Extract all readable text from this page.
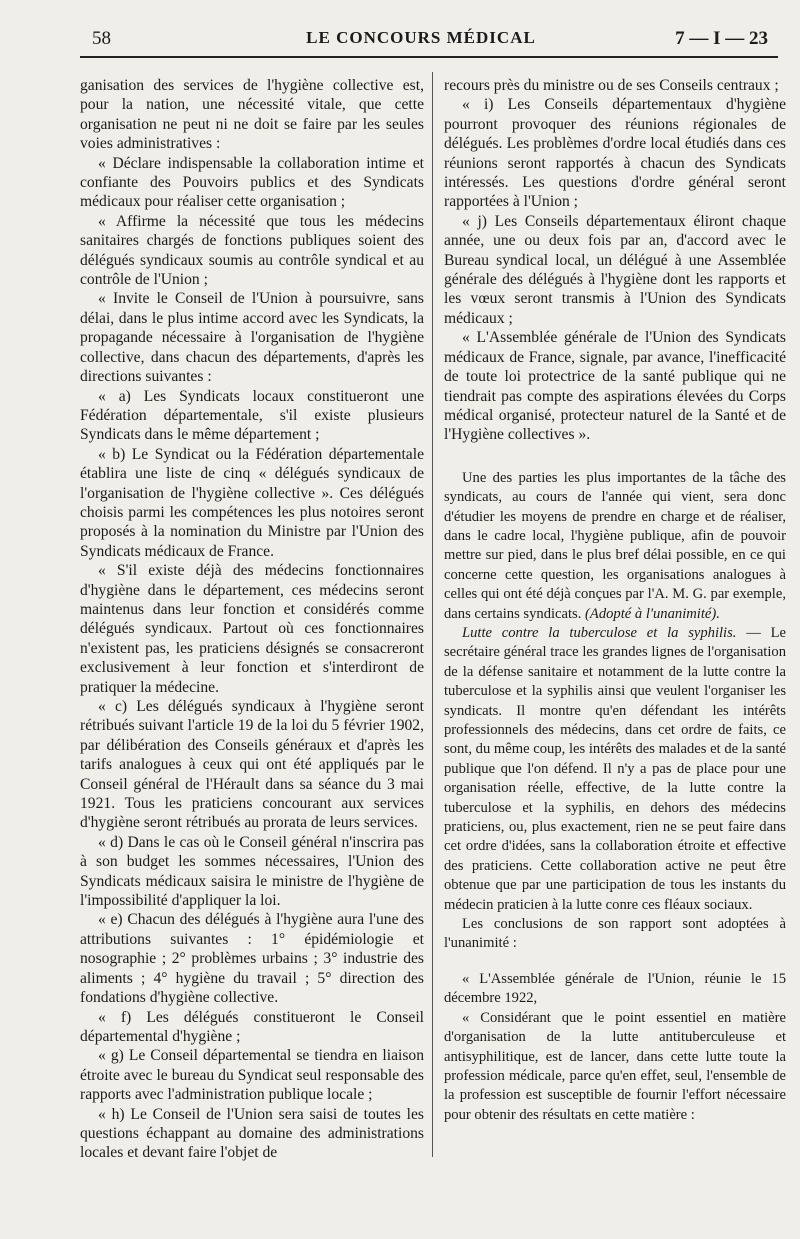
58	LE CONCOURS MÉDICAL	7 — I — 23

ganisation des services de l'hygiène collective est, pour la nation, une nécessité vitale, que cette organisation ne peut ni ne doit se faire par les seules voies administratives :

« Déclare indispensable la collaboration intime et confiante des Pouvoirs publics et des Syndicats médicaux pour réaliser cette organisation ;

« Affirme la nécessité que tous les médecins sanitaires chargés de fonctions publiques soient des délégués syndicaux soumis au contrôle syndical et au contrôle de l'Union ;

« Invite le Conseil de l'Union à poursuivre, sans délai, dans le plus intime accord avec les Syndicats, la propagande nécessaire à l'organisation de l'hygiène collective, dans chacun des départements, d'après les directions suivantes :

« a) Les Syndicats locaux constitueront une Fédération départementale, s'il existe plusieurs Syndicats dans le même département ;

« b) Le Syndicat ou la Fédération départementale établira une liste de cinq « délégués syndicaux de l'organisation de l'hygiène collective ». Ces délégués choisis parmi les compétences les plus notoires seront proposés à la nomination du Ministre par l'Union des Syndicats médicaux de France.

« S'il existe déjà des médecins fonctionnaires d'hygiène dans le département, ces médecins seront maintenus dans leur fonction et considérés comme délégués syndicaux. Partout où ces fonctionnaires n'existent pas, les praticiens désignés se consacreront exclusivement à leur fonction et s'interdiront de pratiquer la médecine.

« c) Les délégués syndicaux à l'hygiène seront rétribués suivant l'article 19 de la loi du 5 février 1902, par délibération des Conseils généraux et d'après les tarifs analogues à ceux qui ont été appliqués par le Conseil général de l'Hérault dans sa séance du 3 mai 1921. Tous les praticiens concourant aux services d'hygiène seront rétribués au prorata de leurs services.

« d) Dans le cas où le Conseil général n'inscrira pas à son budget les sommes nécessaires, l'Union des Syndicats médicaux saisira le ministre de l'hygiène de l'impossibilité d'appliquer la loi.

« e) Chacun des délégués à l'hygiène aura l'une des attributions suivantes : 1° épidémiologie et nosographie ; 2° problèmes urbains ; 3° industrie des aliments ; 4° hygiène du travail ; 5° direction des fondations d'hygiène collective.

« f) Les délégués constitueront le Conseil départemental d'hygiène ;

« g) Le Conseil départemental se tiendra en liaison étroite avec le bureau du Syndicat seul responsable des rapports avec l'administration publique locale ;

« h) Le Conseil de l'Union sera saisi de toutes les questions échappant au domaine des administrations locales et devant faire l'objet de

recours près du ministre ou de ses Conseils centraux ;

« i) Les Conseils départementaux d'hygiène pourront provoquer des réunions régionales de délégués. Les problèmes d'ordre local étudiés dans ces réunions seront rapportés à chacun des Syndicats intéressés. Les questions d'ordre général seront rapportées à l'Union ;

« j) Les Conseils départementaux éliront chaque année, une ou deux fois par an, d'accord avec le Bureau syndical local, un délégué à une Assemblée générale des délégués à l'hygiène dont les rapports et les vœux seront transmis à l'Union des Syndicats médicaux ;

« L'Assemblée générale de l'Union des Syndicats médicaux de France, signale, par avance, l'inefficacité de toute loi protectrice de la santé publique qui ne tiendrait pas compte des aspirations élevées du Corps médical organisé, protecteur naturel de la Santé et de l'Hygiène collectives ».

Une des parties les plus importantes de la tâche des syndicats, au cours de l'année qui vient, sera donc d'étudier les moyens de prendre en charge et de réaliser, dans le cadre local, l'hygiène publique, afin de pouvoir mettre sur pied, dans le plus bref délai possible, en ce qui concerne cette question, les organisations analogues à celles qui ont été déjà conçues par l'A. M. G. par exemple, dans certains syndicats. (Adopté à l'unanimité).

Lutte contre la tuberculose et la syphilis. — Le secrétaire général trace les grandes lignes de l'organisation de la défense sanitaire et notamment de la lutte contre la tuberculose et la syphilis ainsi que veulent l'organiser les syndicats. Il montre qu'en défendant les intérêts professionnels des médecins, dans cet ordre de faits, ce sont, du même coup, les intérêts des malades et de la santé publique que l'on défend. Il n'y a pas de place pour une organisation réelle, effective, de la lutte contre la tuberculose et la syphilis, en dehors des médecins praticiens, ou, plus exactement, rien ne se peut faire dans cet ordre d'idées, sans la collaboration étroite et effective des praticiens. Cette collaboration active ne peut être obtenue que par une participation de tous les instants du médecin praticien à la lutte conre ces fléaux sociaux.

Les conclusions de son rapport sont adoptées à l'unanimité :

« L'Assemblée générale de l'Union, réunie le 15 décembre 1922,

« Considérant que le point essentiel en matière d'organisation de la lutte antituberculeuse et antisyphilitique, est de lancer, dans cette lutte toute la profession médicale, parce qu'en effet, seul, l'ensemble de la profession est susceptible de fournir l'effort nécessaire pour obtenir des résultats en cette matière :
